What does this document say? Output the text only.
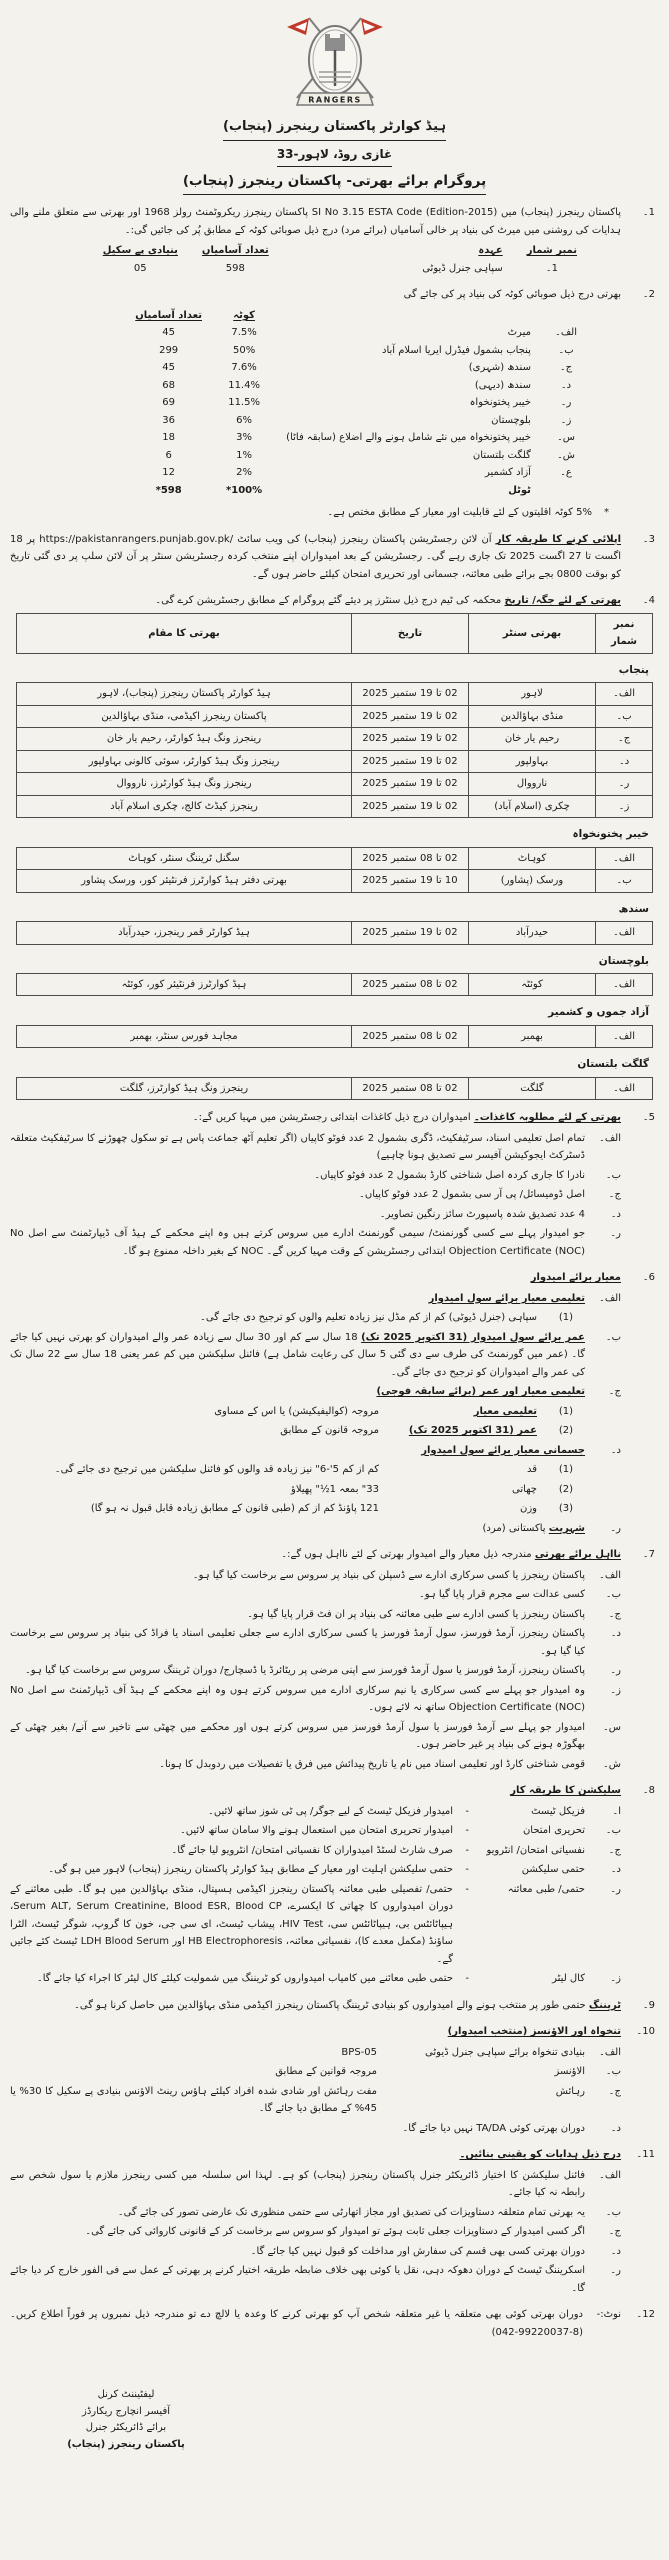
RANGERS
ہیڈ کوارٹر پاکستان رینجرز (پنجاب)
غازی روڈ، لاہور-33
پروگرام برائے بھرتی- پاکستان رینجرز (پنجاب)
1۔
پاکستان رینجرز (پنجاب) میں SI No 3.15 ESTA Code (Edition-2015) پاکستان رینجرز ریکروٹمنٹ رولز 1968 اور بھرتی سے متعلق ملنے والی ہدایات کی روشنی میں میرٹ کی بنیاد پر خالی آسامیاں (برائے مرد) درج ذیل صوبائی کوٹہ کے مطابق پُر کی جائیں گی:۔
نمبر شمار	عہدہ	تعداد آسامیاں	بنیادی پے سکیل
1۔	سپاہی جنرل ڈیوٹی	598	05
2۔
بھرتی درج ذیل صوبائی کوٹہ کی بنیاد پر کی جائے گی
		کوٹہ	تعداد آسامیاں
الف۔	میرٹ	7.5%	45
ب۔	پنجاب بشمول فیڈرل ایریا اسلام آباد	50%	299
ج۔	سندھ (شہری)	7.6%	45
د۔	سندھ (دیہی)	11.4%	68
ر۔	خیبر پختونخواہ	11.5%	69
ز۔	بلوچستان	6%	36
س۔	خیبر پختونخواہ میں نئے شامل ہونے والے اضلاع (سابقہ فاٹا)	3%	18
ش۔	گلگت بلتستان	1%	6
ع۔	آزاد کشمیر	2%	12
	ٹوٹل	100%*	598*
*
5% کوٹہ اقلیتوں کے لئے قابلیت اور معیار کے مطابق مختص ہے۔
3۔
اپلائی کرنے کا طریقہ کار آن لائن رجسٹریشن پاکستان رینجرز (پنجاب) کی ویب سائٹ https://pakistanrangers.punjab.gov.pk/ پر 18 اگست تا 27 اگست 2025 تک جاری رہے گی۔ رجسٹریشن کے بعد امیدواران اپنے منتخب کردہ رجسٹریشن سنٹر پر آن لائن سلپ پر دی گئی تاریخ کو بوقت 0800 بجے برائے طبی معائنہ، جسمانی اور تحریری امتحان کیلئے حاضر ہوں گے۔
4۔
بھرتی کے لئے جگہ/ تاریخ محکمہ کی ٹیم درج ذیل سنٹرز پر دیئے گئے پروگرام کے مطابق رجسٹریشن کرے گی۔
نمبر شمار	بھرتی سنٹر	تاریخ	بھرتی کا مقام
پنجاب
الف۔	لاہور	02 تا 19 ستمبر 2025	ہیڈ کوارٹر پاکستان رینجرز (پنجاب)، لاہور
ب۔	منڈی بہاؤالدین	02 تا 19 ستمبر 2025	پاکستان رینجرز اکیڈمی، منڈی بہاؤالدین
ج۔	رحیم یار خان	02 تا 19 ستمبر 2025	رینجرز ونگ ہیڈ کوارٹر، رحیم یار خان
د۔	بہاولپور	02 تا 19 ستمبر 2025	رینجرز ونگ ہیڈ کوارٹر، سوئی کالونی بہاولپور
ر۔	نارووال	02 تا 19 ستمبر 2025	رینجرز ونگ ہیڈ کوارٹرز، نارووال
ز۔	چکری (اسلام آباد)	02 تا 19 ستمبر 2025	رینجرز کیڈٹ کالج، چکری اسلام آباد
خیبر پختونخواہ
الف۔	کوہاٹ	02 تا 08 ستمبر 2025	سگنل ٹریننگ سنٹر، کوہاٹ
ب۔	ورسک (پشاور)	10 تا 19 ستمبر 2025	بھرتی دفتر ہیڈ کوارٹرز فرنٹیئر کور، ورسک پشاور
سندھ
الف۔	حیدرآباد	02 تا 19 ستمبر 2025	ہیڈ کوارٹر قمر رینجرز، حیدرآباد
بلوچستان
الف۔	کوئٹہ	02 تا 08 ستمبر 2025	ہیڈ کوارٹرز فرنٹیئر کور، کوئٹہ
آزاد جموں و کشمیر
الف۔	بھمبر	02 تا 08 ستمبر 2025	مجاہد فورس سنٹر، بھمبر
گلگت بلتستان
الف۔	گلگت	02 تا 08 ستمبر 2025	رینجرز ونگ ہیڈ کوارٹرز، گلگت
5۔
بھرتی کے لئے مطلوبہ کاغذات۔ امیدواران درج ذیل کاغذات ابتدائی رجسٹریشن میں مہیا کریں گے:۔
الف۔
تمام اصل تعلیمی اسناد، سرٹیفکیٹ، ڈگری بشمول 2 عدد فوٹو کاپیاں (اگر تعلیم آٹھ جماعت پاس ہے تو سکول چھوڑنے کا سرٹیفکیٹ متعلقہ ڈسٹرکٹ ایجوکیشن آفیسر سے تصدیق ہونا چاہیے)
ب۔
نادرا کا جاری کردہ اصل شناختی کارڈ بشمول 2 عدد فوٹو کاپیاں۔
ج۔
اصل ڈومیسائل/ پی آر سی بشمول 2 عدد فوٹو کاپیاں۔
د۔
4 عدد تصدیق شدہ پاسپورٹ سائز رنگین تصاویر۔
ر۔
جو امیدوار پہلے سے کسی گورنمنٹ/ سیمی گورنمنٹ ادارے میں سروس کرتے ہیں وہ اپنے محکمے کے ہیڈ آف ڈیپارٹمنٹ سے اصل No Objection Certificate (NOC) ابتدائی رجسٹریشن کے وقت مہیا کریں گے۔ NOC کے بغیر داخلہ ممنوع ہو گا۔
6۔
معیار برائے امیدوار
الف۔
تعلیمی معیار برائے سول امیدوار
(1)
سپاہی (جنرل ڈیوٹی) کم از کم مڈل نیز زیادہ تعلیم والوں کو ترجیح دی جائے گی۔
ب۔
عمر برائے سول امیدوار (31 اکتوبر 2025 تک) 18 سال سے کم اور 30 سال سے زیادہ عمر والے امیدواران کو بھرتی نہیں کیا جائے گا۔ (عمر میں گورنمنٹ کی طرف سے دی گئی 5 سال کی رعایت شامل ہے) فائنل سلیکشن میں کم عمر یعنی 18 سال سے 22 سال تک کی عمر والے امیدواران کو ترجیح دی جائے گی۔
ج۔
تعلیمی معیار اور عمر (برائے سابقہ فوجی)
(1)
تعلیمی معیار
مروجہ (کوالیفیکیشن) یا اس کے مساوی
(2)
عمر (31 اکتوبر 2025 تک)
مروجہ قانون کے مطابق
د۔
جسمانی معیار برائے سول امیدوار
(1)
قد
کم از کم 5'-6" نیز زیادہ قد والوں کو فائنل سلیکشن میں ترجیح دی جائے گی۔
(2)
چھاتی
33" بمعہ 1½" پھیلاؤ
(3)
وزن
121 پاؤنڈ کم از کم (طبی قانون کے مطابق زیادہ قابل قبول نہ ہو گا)
ر۔
شہریت پاکستانی (مرد)
7۔
نااہل برائے بھرتی مندرجہ ذیل معیار والے امیدوار بھرتی کے لئے نااہل ہوں گے:۔
الف۔
پاکستان رینجرز یا کسی سرکاری ادارے سے ڈسپلن کی بنیاد پر سروس سے برخاست کیا گیا ہو۔
ب۔
کسی عدالت سے مجرم قرار پایا گیا ہو۔
ج۔
پاکستان رینجرز یا کسی ادارے سے طبی معائنہ کی بنیاد پر ان فٹ قرار پایا گیا ہو۔
د۔
پاکستان رینجرز، آرمڈ فورسز، سول آرمڈ فورسز یا کسی سرکاری ادارے سے جعلی تعلیمی اسناد یا فراڈ کی بنیاد پر سروس سے برخاست کیا گیا ہو۔
ر۔
پاکستان رینجرز، آرمڈ فورسز یا سول آرمڈ فورسز سے اپنی مرضی پر ریٹائرڈ یا ڈسچارج/ دوران ٹریننگ سروس سے برخاست کیا گیا ہو۔
ز۔
وہ امیدوار جو پہلے سے کسی سرکاری یا نیم سرکاری ادارے میں سروس کرتے ہوں وہ اپنے محکمے کے ہیڈ آف ڈیپارٹمنٹ سے اصل No Objection Certificate (NOC) ساتھ نہ لائے ہوں۔
س۔
امیدوار جو پہلے سے آرمڈ فورسز یا سول آرمڈ فورسز میں سروس کرتے ہوں اور محکمے میں چھٹی سے تاخیر سے آنے/ بغیر چھٹی کے بھگوڑہ ہونے کی بنیاد پر غیر حاضر ہوں۔
ش۔
قومی شناختی کارڈ اور تعلیمی اسناد میں نام یا تاریخ پیدائش میں فرق یا تفصیلات میں ردوبدل کا ہونا۔
8۔
سلیکشن کا طریقہ کار
ا۔
فزیکل ٹیسٹ
-
امیدوار فزیکل ٹیسٹ کے لیے جوگر/ پی ٹی شوز ساتھ لائیں۔
ب۔
تحریری امتحان
-
امیدوار تحریری امتحان میں استعمال ہونے والا سامان ساتھ لائیں۔
ج۔
نفسیاتی امتحان/ انٹرویو
-
صرف شارٹ لسٹڈ امیدواران کا نفسیاتی امتحان/ انٹرویو لیا جائے گا۔
د۔
حتمی سلیکشن
-
حتمی سلیکشن اہلیت اور معیار کے مطابق ہیڈ کوارٹر پاکستان رینجرز (پنجاب) لاہور میں ہو گی۔
ر۔
حتمی/ طبی معائنہ
-
حتمی/ تفصیلی طبی معائنہ پاکستان رینجرز اکیڈمی ہسپتال، منڈی بہاؤالدین میں ہو گا۔ طبی معائنے کے دوران امیدواروں کا چھاتی کا ایکسرے، Serum ALT, Serum Creatinine, Blood ESR, Blood CP، ہیپاٹائٹس بی، ہیپاٹائٹس سی، HIV Test، پیشاب ٹیسٹ، ای سی جی، خون کا گروپ، شوگر ٹیسٹ، الٹرا ساؤنڈ (مکمل معدے کا)، نفسیاتی معائنہ، HB Electrophoresis اور LDH Blood Serum ٹیسٹ کئے جائیں گے۔
ز۔
کال لیٹر
-
حتمی طبی معائنے میں کامیاب امیدواروں کو ٹریننگ میں شمولیت کیلئے کال لیٹر کا اجراء کیا جائے گا۔
9۔
ٹریننگ حتمی طور پر منتخب ہونے والے امیدواروں کو بنیادی ٹریننگ پاکستان رینجرز اکیڈمی منڈی بہاؤالدین میں حاصل کرنا ہو گی۔
10۔
تنخواہ اور الاؤنسز (منتخب امیدوار)
الف۔
بنیادی تنخواہ برائے سپاہی جنرل ڈیوٹی
BPS-05
ب۔
الاؤنسز
مروجہ قوانین کے مطابق
ج۔
رہائش
مفت رہائش اور شادی شدہ افراد کیلئے ہاؤس رینٹ الاؤنس بنیادی پے سکیل کا 30% یا 45% کے مطابق دیا جائے گا۔
د۔
دوران بھرتی کوئی TA/DA نہیں دیا جائے گا۔
11۔
درج ذیل ہدایات کو یقینی بنائیں۔
الف۔
فائنل سلیکشن کا اختیار ڈائریکٹر جنرل پاکستان رینجرز (پنجاب) کو ہے۔ لہذا اس سلسلہ میں کسی رینجرز ملازم یا سول شخص سے رابطہ نہ کیا جائے۔
ب۔
یہ بھرتی تمام متعلقہ دستاویزات کی تصدیق اور مجاز اتھارٹی سے حتمی منظوری تک عارضی تصور کی جائے گی۔
ج۔
اگر کسی امیدوار کے دستاویزات جعلی ثابت ہوئے تو امیدوار کو سروس سے برخاست کر کے قانونی کاروائی کی جائے گی۔
د۔
دوران بھرتی کسی بھی قسم کی سفارش اور مداخلت کو قبول نہیں کیا جائے گا۔
ر۔
اسکریننگ ٹیسٹ کے دوران دھوکہ دہی، نقل یا کوئی بھی خلاف ضابطہ طریقہ اختیار کرنے پر بھرتی کے عمل سے فی الفور خارج کر دیا جائے گا۔
12۔
نوٹ:-
دوران بھرتی کوئی بھی متعلقہ یا غیر متعلقہ شخص آپ کو بھرتی کرنے کا وعدہ یا لالچ دے تو مندرجہ ذیل نمبروں پر فوراً اطلاع کریں۔ (042-99220037-8)
لیفٹیننٹ کرنل
آفیسر انچارج ریکارڈز
برائے ڈائریکٹر جنرل
پاکستان رینجرز (پنجاب)
